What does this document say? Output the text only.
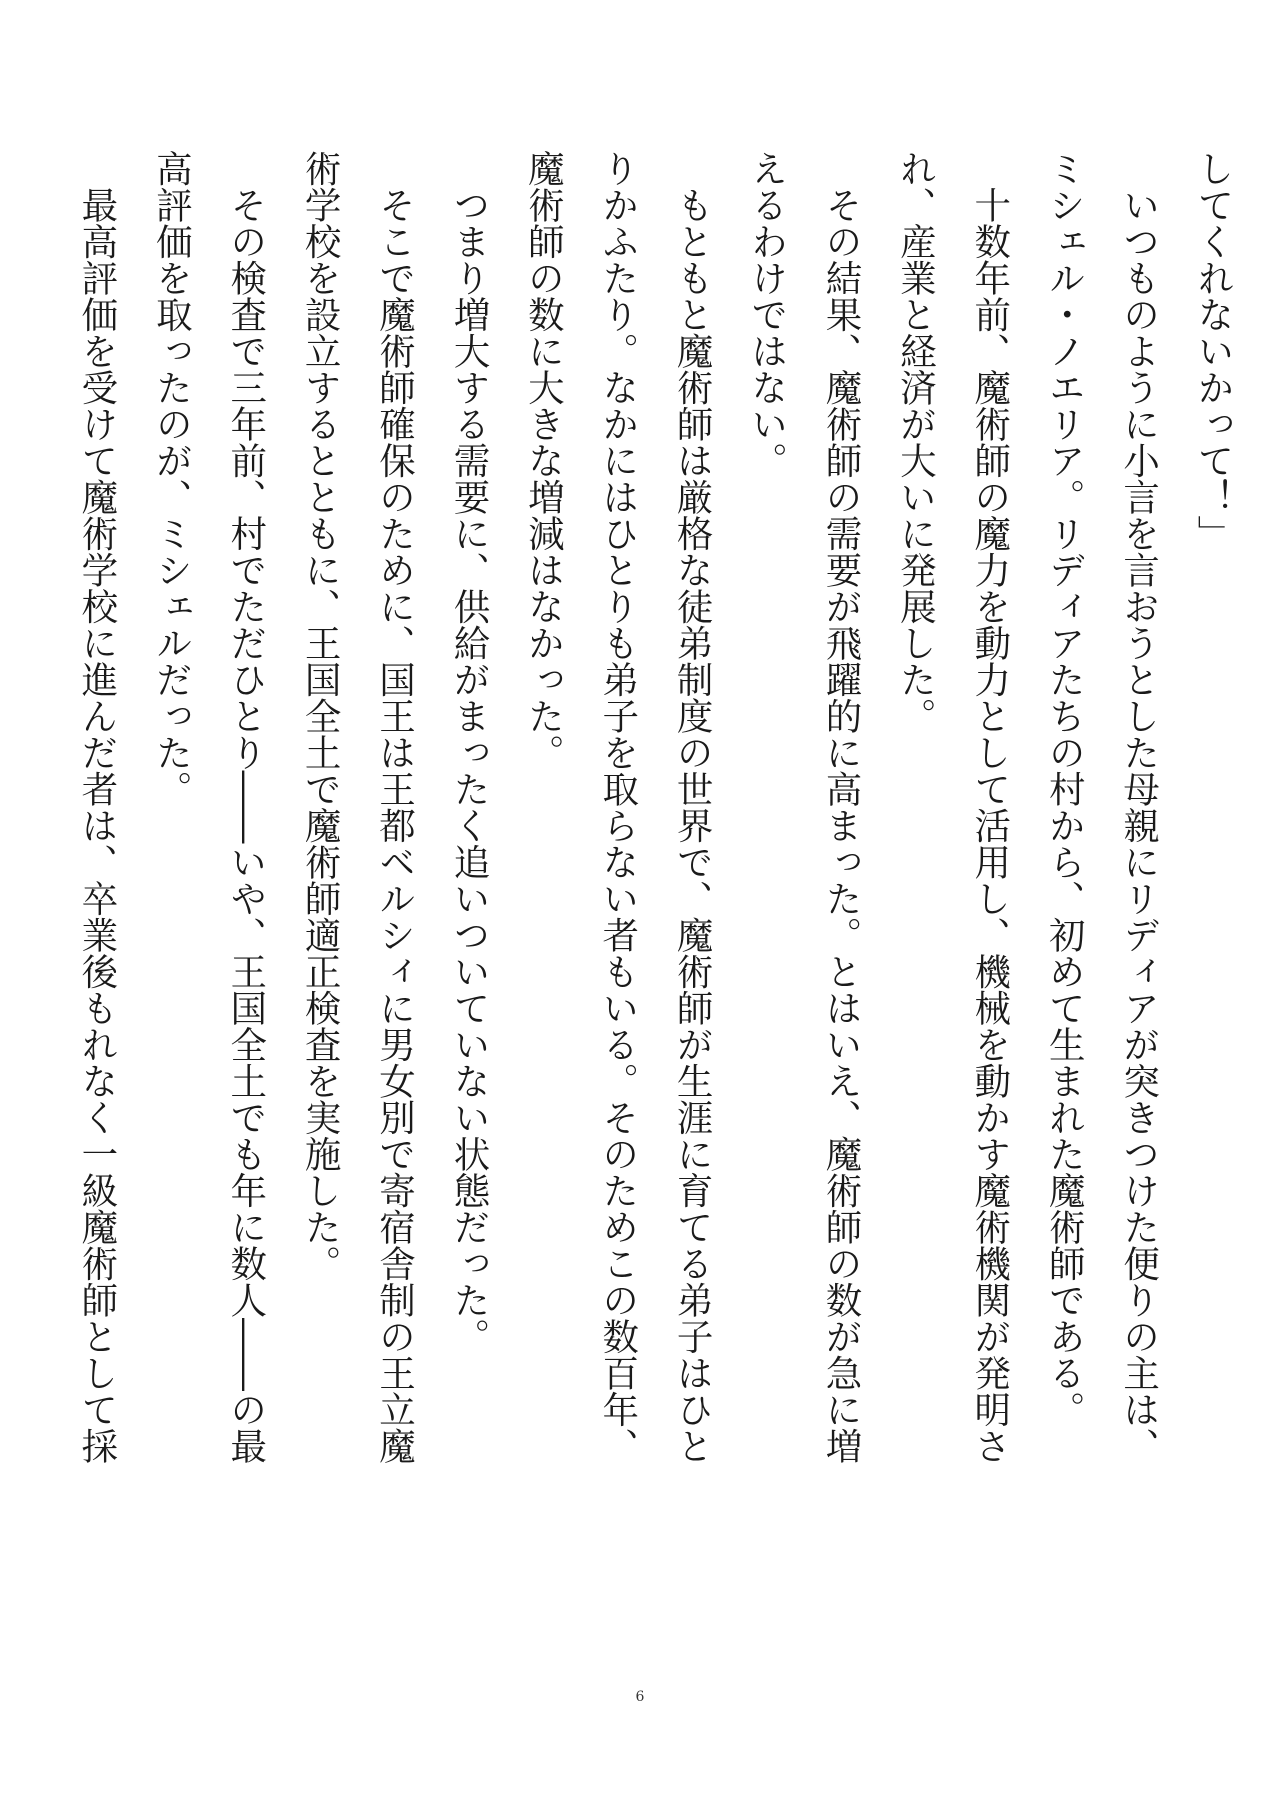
してくれないかって！」

　いつものように小言を言おうとした母親にリディアが突きつけた便りの主は、

ミシェル・ノエリア。リディアたちの村から、初めて生まれた魔術師である。

　十数年前、魔術師の魔力を動力として活用し、機械を動かす魔術機関が発明さ

れ、産業と経済が大いに発展した。

　その結果、魔術師の需要が飛躍的に高まった。とはいえ、魔術師の数が急に増

えるわけではない。

　もともと魔術師は厳格な徒弟制度の世界で、魔術師が生涯に育てる弟子はひと

りかふたり。なかにはひとりも弟子を取らない者もいる。そのためこの数百年、

魔術師の数に大きな増減はなかった。

　つまり増大する需要に、供給がまったく追いついていない状態だった。

　そこで魔術師確保のために、国王は王都ベルシィに男女別で寄宿舎制の王立魔

術学校を設立するとともに、王国全土で魔術師適正検査を実施した。

　その検査で三年前、村でただひとり――いや、王国全土でも年に数人――の最

高評価を取ったのが、ミシェルだった。

　最高評価を受けて魔術学校に進んだ者は、卒業後もれなく一級魔術師として採

6
